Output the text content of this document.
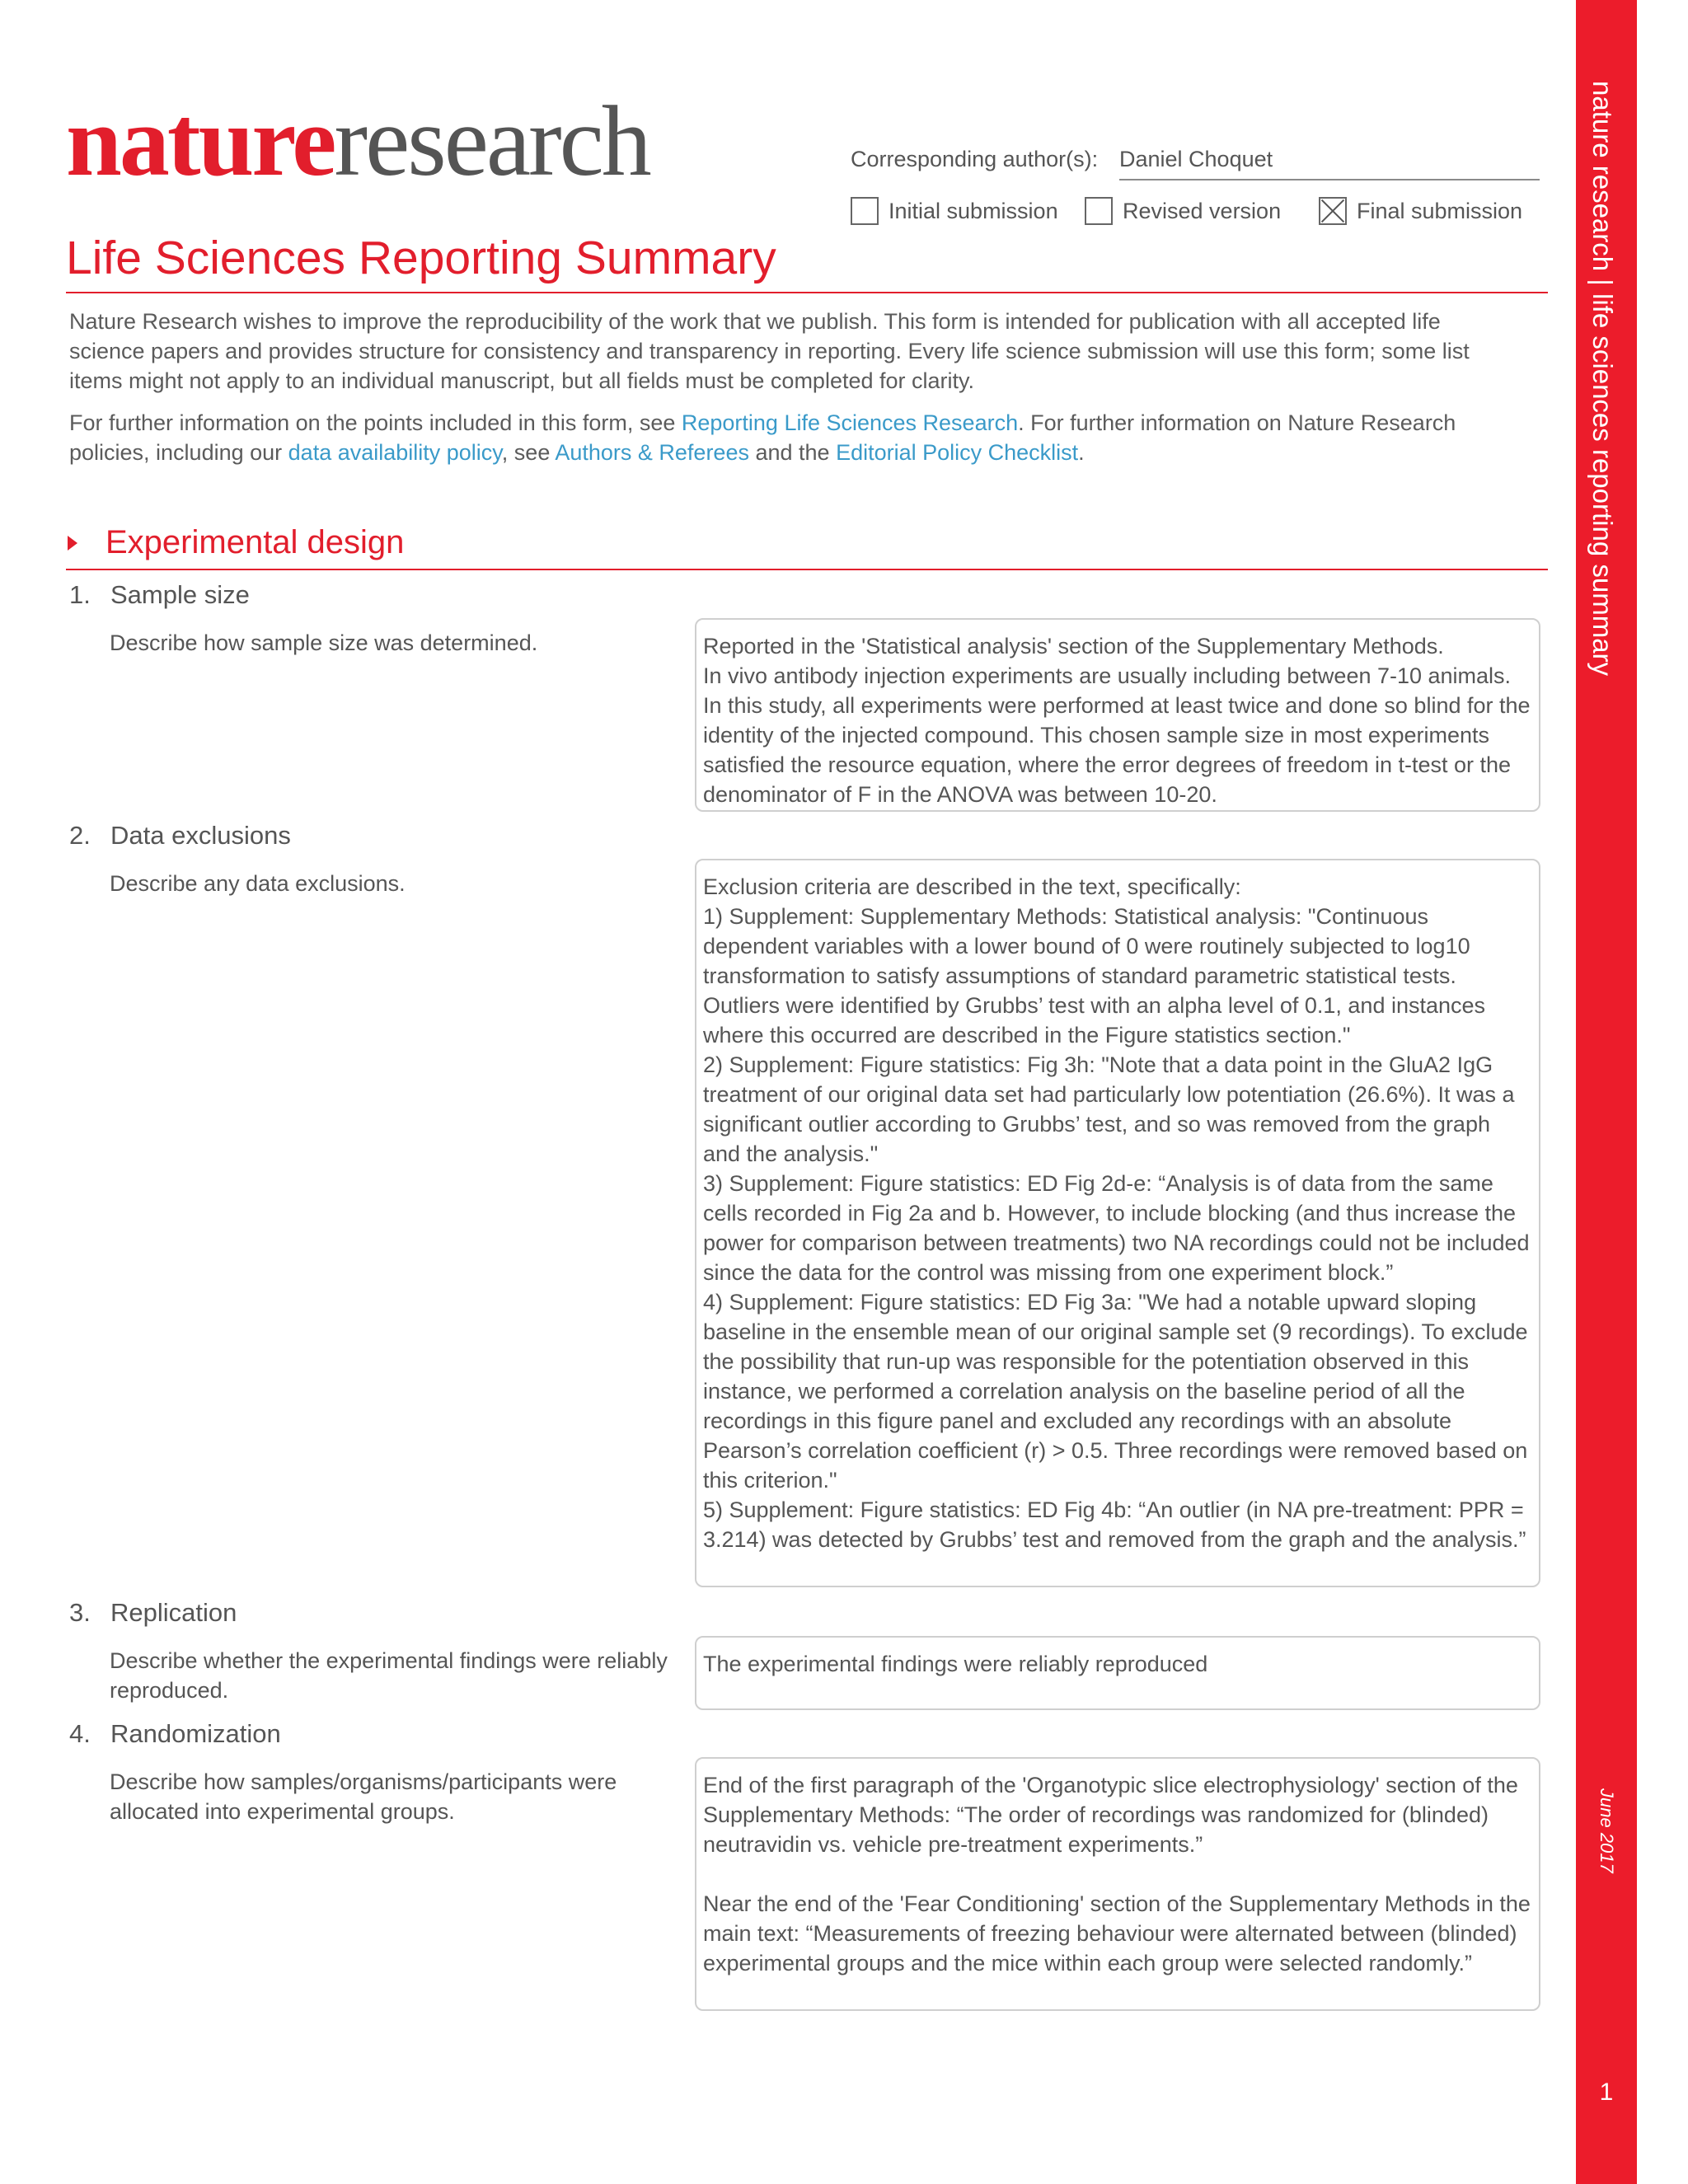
natureresearch	Corresponding author(s): Daniel Choquet
Initial submission	Revised version	Final submission
Life Sciences Reporting Summary
Nature Research wishes to improve the reproducibility of the work that we publish. This form is intended for publication with all accepted life science papers and provides structure for consistency and transparency in reporting. Every life science submission will use this form; some list items might not apply to an individual manuscript, but all fields must be completed for clarity.
For further information on the points included in this form, see Reporting Life Sciences Research. For further information on Nature Research policies, including our data availability policy, see Authors & Referees and the Editorial Policy Checklist.
Experimental design
1. Sample size
Describe how sample size was determined.	Reported in the 'Statistical analysis' section of the Supplementary Methods.
In vivo antibody injection experiments are usually including between 7-10 animals. In this study, all experiments were performed at least twice and done so blind for the identity of the injected compound. This chosen sample size in most experiments satisfied the resource equation, where the error degrees of freedom in t-test or the denominator of F in the ANOVA was between 10-20.
2. Data exclusions
Describe any data exclusions.	Exclusion criteria are described in the text, specifically:
1) Supplement: Supplementary Methods: Statistical analysis: "Continuous dependent variables with a lower bound of 0 were routinely subjected to log10 transformation to satisfy assumptions of standard parametric statistical tests. Outliers were identified by Grubbs’ test with an alpha level of 0.1, and instances where this occurred are described in the Figure statistics section."
2) Supplement: Figure statistics: Fig 3h: "Note that a data point in the GluA2 IgG treatment of our original data set had particularly low potentiation (26.6%). It was a significant outlier according to Grubbs’ test, and so was removed from the graph and the analysis."
3) Supplement: Figure statistics: ED Fig 2d-e: “Analysis is of data from the same cells recorded in Fig 2a and b. However, to include blocking (and thus increase the power for comparison between treatments) two NA recordings could not be included since the data for the control was missing from one experiment block.”
4) Supplement: Figure statistics: ED Fig 3a: "We had a notable upward sloping baseline in the ensemble mean of our original sample set (9 recordings). To exclude the possibility that run-up was responsible for the potentiation observed in this instance, we performed a correlation analysis on the baseline period of all the recordings in this figure panel and excluded any recordings with an absolute Pearson’s correlation coefficient (r) > 0.5. Three recordings were removed based on this criterion."
5) Supplement: Figure statistics: ED Fig 4b: “An outlier (in NA pre-treatment: PPR = 3.214) was detected by Grubbs’ test and removed from the graph and the analysis.”
3. Replication
Describe whether the experimental findings were reliably reproduced.
The experimental findings were reliably reproduced
4. Randomization
Describe how samples/organisms/participants were allocated into experimental groups.
End of the first paragraph of the 'Organotypic slice electrophysiology' section of the Supplementary Methods: “The order of recordings was randomized for (blinded) neutravidin vs. vehicle pre-treatment experiments.”

Near the end of the 'Fear Conditioning' section of the Supplementary Methods in the main text: “Measurements of freezing behaviour were alternated between (blinded) experimental groups and the mice within each group were selected randomly.”
nature research | life sciences reporting summary
June 2017
1
